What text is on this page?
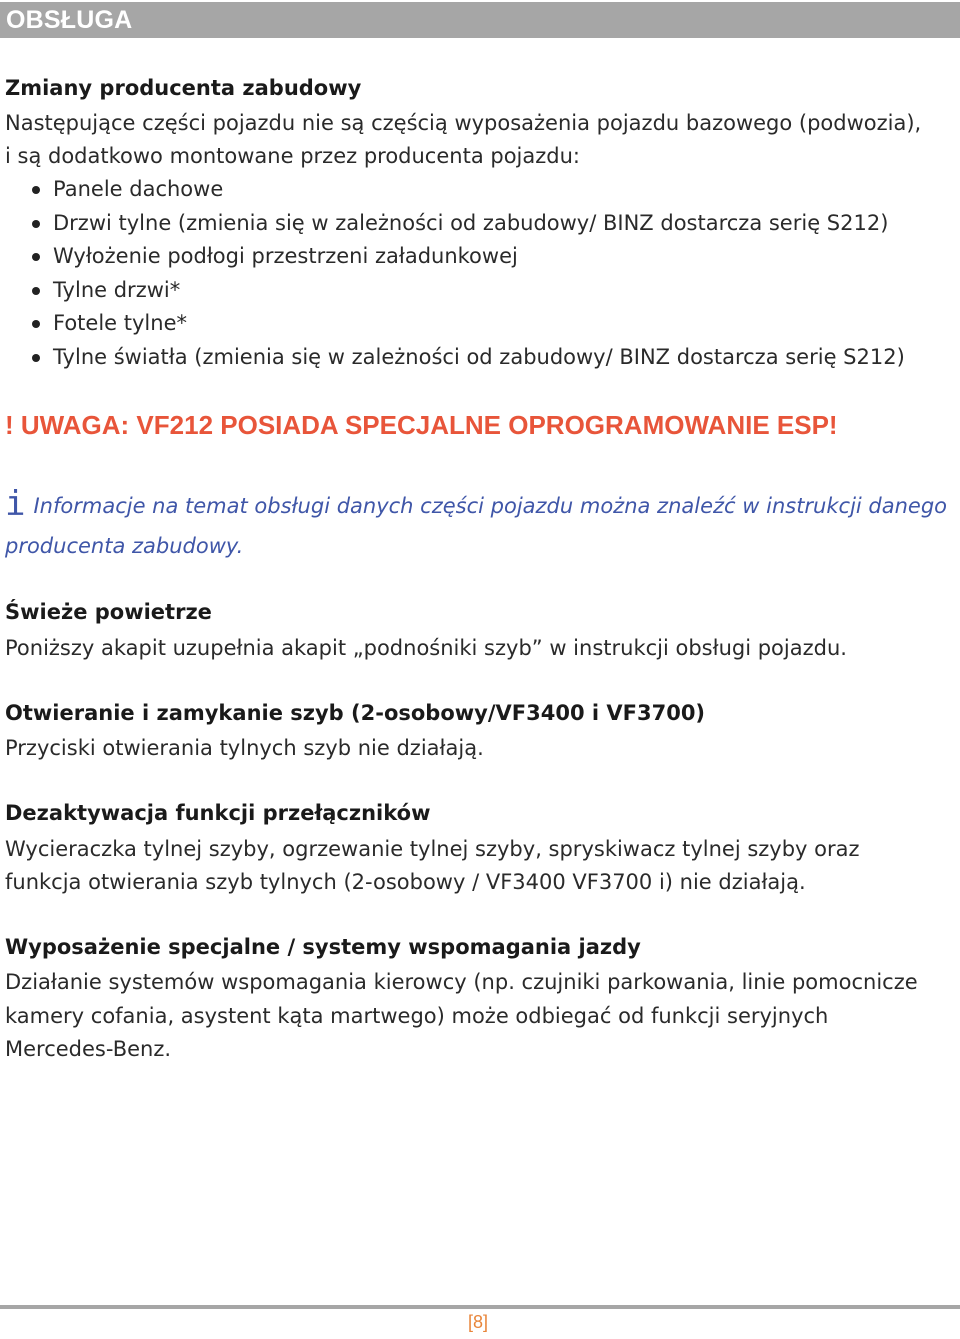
OBSŁUGA
Zmiany producenta zabudowy
Następujące części pojazdu nie są częścią wyposażenia pojazdu bazowego (podwozia),
i są dodatkowo montowane przez producenta pojazdu:
Panele dachowe
Drzwi tylne (zmienia się w zależności od zabudowy/ BINZ dostarcza serię S212)
Wyłożenie podłogi przestrzeni załadunkowej
Tylne drzwi*
Fotele tylne*
Tylne światła (zmienia się w zależności od zabudowy/ BINZ dostarcza serię S212)
! UWAGA: VF212 POSIADA SPECJALNE OPROGRAMOWANIE ESP!
i Informacje na temat obsługi danych części pojazdu można znaleźć w instrukcji danego producenta zabudowy.
Świeże powietrze
Poniższy akapit uzupełnia akapit „podnośniki szyb” w instrukcji obsługi pojazdu.
Otwieranie i zamykanie szyb (2-osobowy/VF3400 i VF3700)
Przyciski otwierania tylnych szyb nie działają.
Dezaktywacja funkcji przełączników
Wycieraczka tylnej szyby, ogrzewanie tylnej szyby, spryskiwacz tylnej szyby oraz
funkcja otwierania szyb tylnych (2-osobowy / VF3400 VF3700 i) nie działają.
Wyposażenie specjalne / systemy wspomagania jazdy
Działanie systemów wspomagania kierowcy (np. czujniki parkowania, linie pomocnicze
kamery cofania, asystent kąta martwego) może odbiegać od funkcji seryjnych
Mercedes-Benz.
[8]
